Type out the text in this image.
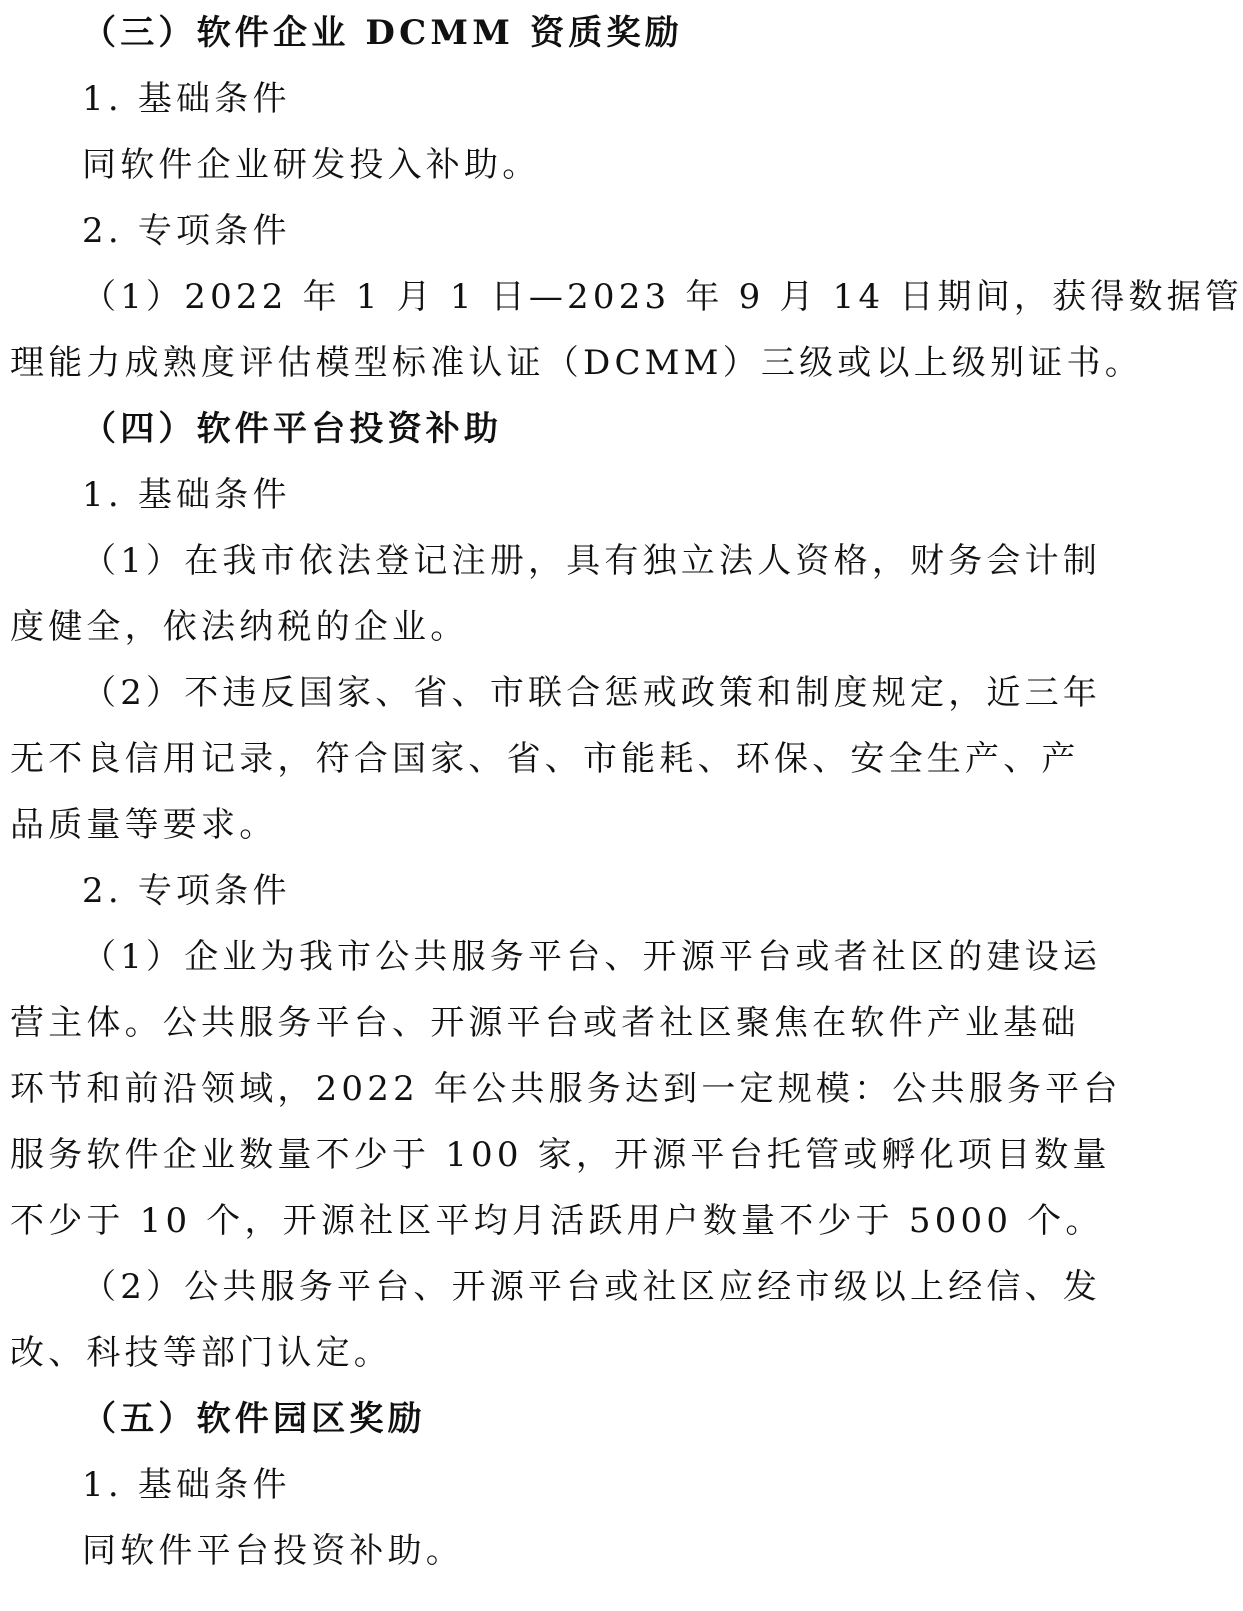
（三）软件企业 DCMM 资质奖励
1. 基础条件
同软件企业研发投入补助。
2. 专项条件
（1）2022 年 1 月 1 日—2023 年 9 月 14 日期间，获得数据管
理能力成熟度评估模型标准认证（DCMM）三级或以上级别证书。
（四）软件平台投资补助
1. 基础条件
（1）在我市依法登记注册，具有独立法人资格，财务会计制
度健全，依法纳税的企业。
（2）不违反国家、省、市联合惩戒政策和制度规定，近三年
无不良信用记录，符合国家、省、市能耗、环保、安全生产、产
品质量等要求。
2. 专项条件
（1）企业为我市公共服务平台、开源平台或者社区的建设运
营主体。公共服务平台、开源平台或者社区聚焦在软件产业基础
环节和前沿领域，2022 年公共服务达到一定规模：公共服务平台
服务软件企业数量不少于 100 家，开源平台托管或孵化项目数量
不少于 10 个，开源社区平均月活跃用户数量不少于 5000 个。
（2）公共服务平台、开源平台或社区应经市级以上经信、发
改、科技等部门认定。
（五）软件园区奖励
1. 基础条件
同软件平台投资补助。
